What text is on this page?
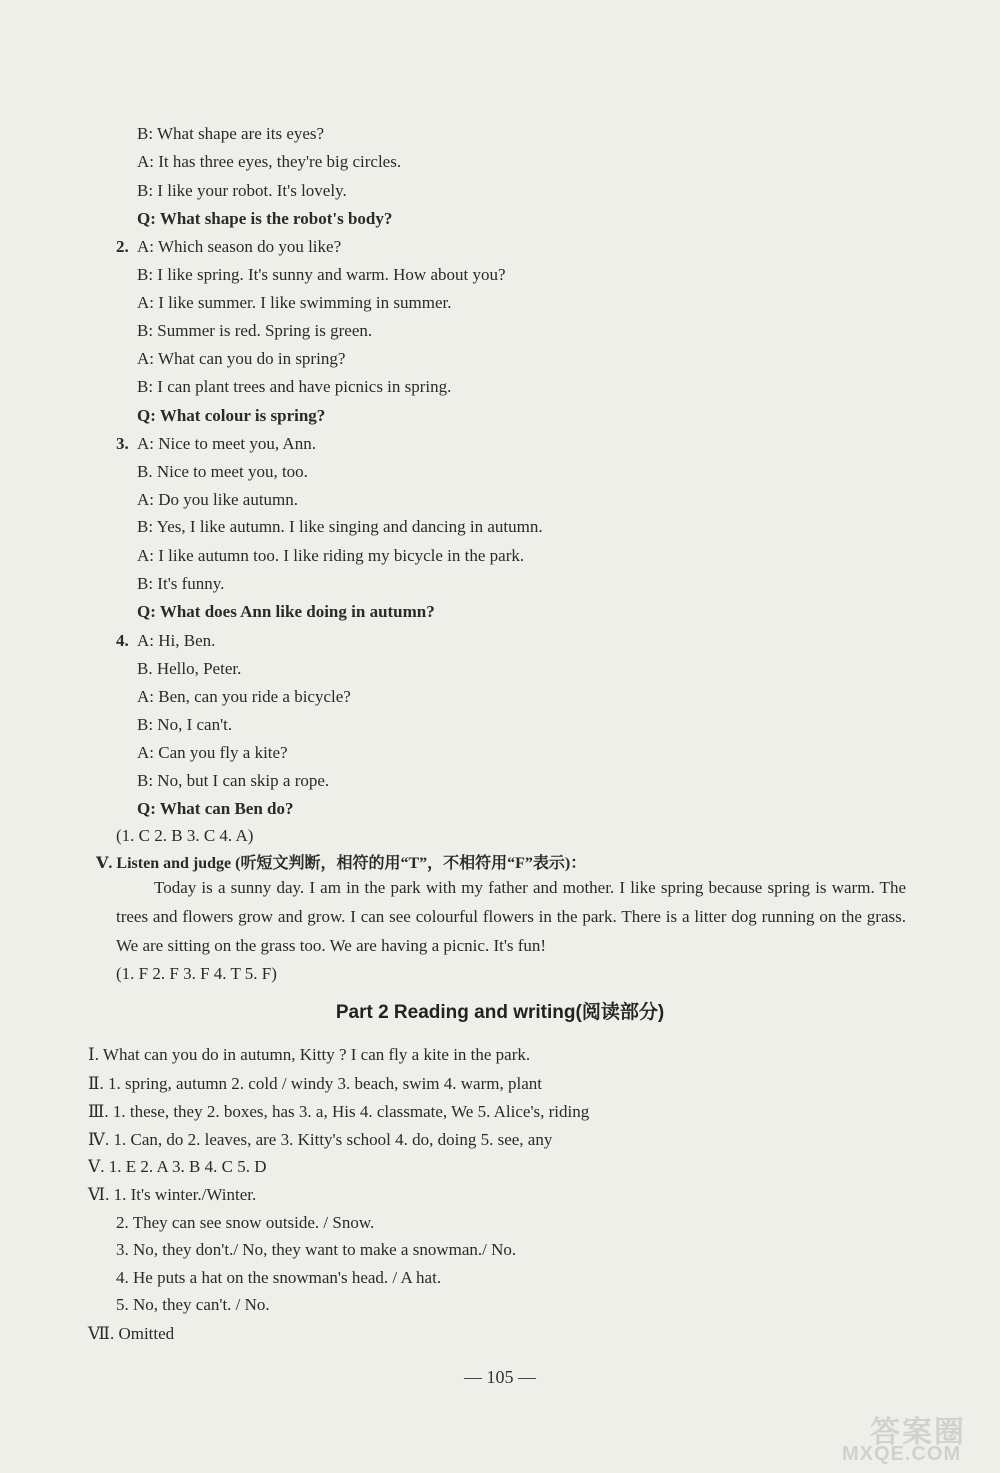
B: What shape are its eyes?
A: It has three eyes, they're big circles.
B: I like your robot. It's lovely.
Q: What shape is the robot's body?
2. A: Which season do you like?
B: I like spring. It's sunny and warm. How about you?
A: I like summer. I like swimming in summer.
B: Summer is red. Spring is green.
A: What can you do in spring?
B: I can plant trees and have picnics in spring.
Q: What colour is spring?
3. A: Nice to meet you, Ann.
B. Nice to meet you, too.
A: Do you like autumn.
B: Yes, I like autumn. I like singing and dancing in autumn.
A: I like autumn too. I like riding my bicycle in the park.
B: It's funny.
Q: What does Ann like doing in autumn?
4. A: Hi, Ben.
B. Hello, Peter.
A: Ben, can you ride a bicycle?
B: No, I can't.
A: Can you fly a kite?
B: No, but I can skip a rope.
Q: What can Ben do?
(1. C 2. B 3. C 4. A)
Ⅴ. Listen and judge (听短文判断，相符的用“T”，不相符用“F”表示)：
Today is a sunny day. I am in the park with my father and mother. I like spring because spring is warm. The trees and flowers grow and grow. I can see colourful flowers in the park. There is a litter dog running on the grass. We are sitting on the grass too. We are having a picnic. It's fun!
(1. F 2. F 3. F 4. T 5. F)
Part 2 Reading and writing(阅读部分)
Ⅰ. What can you do in autumn, Kitty ? I can fly a kite in the park.
Ⅱ. 1. spring, autumn 2. cold / windy 3. beach, swim 4. warm, plant
Ⅲ. 1. these, they 2. boxes, has 3. a, His 4. classmate, We 5. Alice's, riding
Ⅳ. 1. Can, do 2. leaves, are 3. Kitty's school 4. do, doing 5. see, any
Ⅴ. 1. E 2. A 3. B 4. C 5. D
Ⅵ. 1. It's winter./Winter.
2. They can see snow outside. / Snow.
3. No, they don't./ No, they want to make a snowman./ No.
4. He puts a hat on the snowman's head. / A hat.
5. No, they can't. / No.
Ⅶ. Omitted
— 105 —
答案圈
MXQE.COM
